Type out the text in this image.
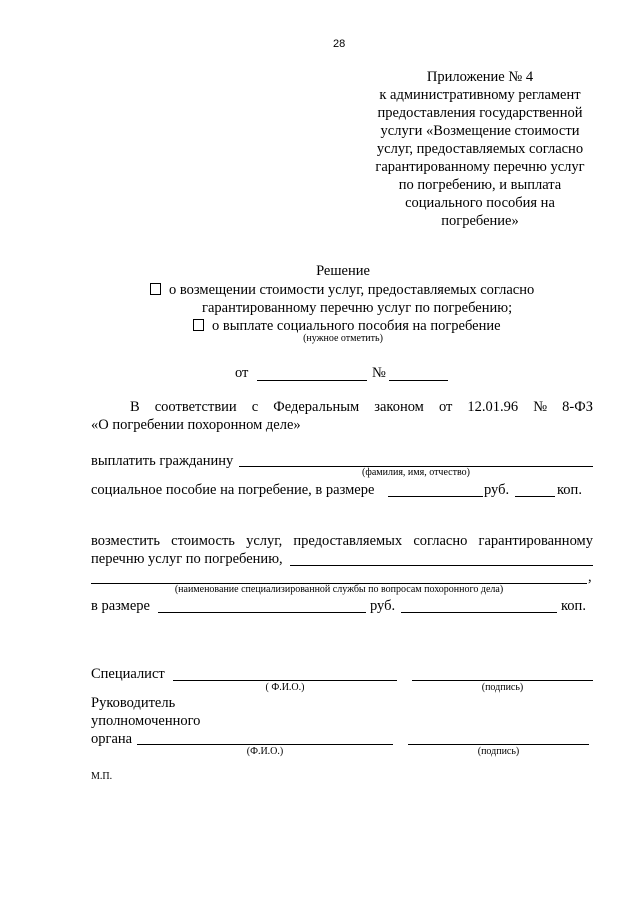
28
Приложение № 4
к административному регламент
предоставления государственной
услуги «Возмещение стоимости
услуг, предоставляемых согласно
гарантированному перечню услуг
по погребению, и выплата
социального пособия на
погребение»
Решение
о возмещении стоимости услуг, предоставляемых согласно
гарантированному перечню услуг по погребению;
о выплате социального пособия на погребение
(нужное отметить)
от	№
В соответствии с Федеральным законом от 12.01.96 № 8-ФЗ
«О погребении похоронном деле»
выплатить гражданину
(фамилия, имя, отчество)
социальное пособие на погребение, в размере	руб.	коп.
возместить стоимость услуг, предоставляемых согласно гарантированному
перечню услуг по погребению,
,
(наименование специализированной службы по вопросам похоронного дела)
в размере	руб.	коп.
Специалист
( Ф.И.О.)	(подпись)
Руководитель
уполномоченного
органа
(Ф.И.О.)	(подпись)
М.П.
